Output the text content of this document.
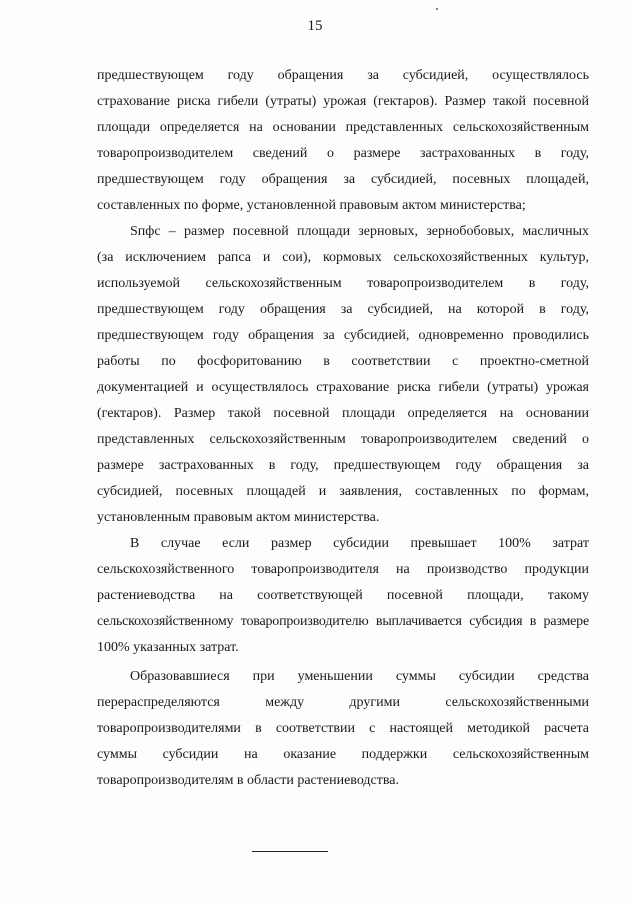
15
предшествующем году обращения за субсидией, осуществлялось
страхование риска гибели (утраты) урожая (гектаров). Размер такой посевной
площади определяется на основании представленных сельскохозяйственным
товаропроизводителем сведений о размере застрахованных в году,
предшествующем году обращения за субсидией, посевных площадей,
составленных по форме, установленной правовым актом министерства;
Sпфс – размер посевной площади зерновых, зернобобовых, масличных
(за исключением рапса и сои), кормовых сельскохозяйственных культур,
используемой сельскохозяйственным товаропроизводителем в году,
предшествующем году обращения за субсидией, на которой в году,
предшествующем году обращения за субсидией, одновременно проводились
работы по фосфоритованию в соответствии с проектно-сметной
документацией и осуществлялось страхование риска гибели (утраты) урожая
(гектаров). Размер такой посевной площади определяется на основании
представленных сельскохозяйственным товаропроизводителем сведений о
размере застрахованных в году, предшествующем году обращения за
субсидией, посевных площадей и заявления, составленных по формам,
установленным правовым актом министерства.
В случае если размер субсидии превышает 100% затрат
сельскохозяйственного товаропроизводителя на производство продукции
растениеводства на соответствующей посевной площади, такому
сельскохозяйственному товаропроизводителю выплачивается субсидия в размере
100% указанных затрат.
Образовавшиеся при уменьшении суммы субсидии средства
перераспределяются между другими сельскохозяйственными
товаропроизводителями в соответствии с настоящей методикой расчета
суммы субсидии на оказание поддержки сельскохозяйственным
товаропроизводителям в области растениеводства.
